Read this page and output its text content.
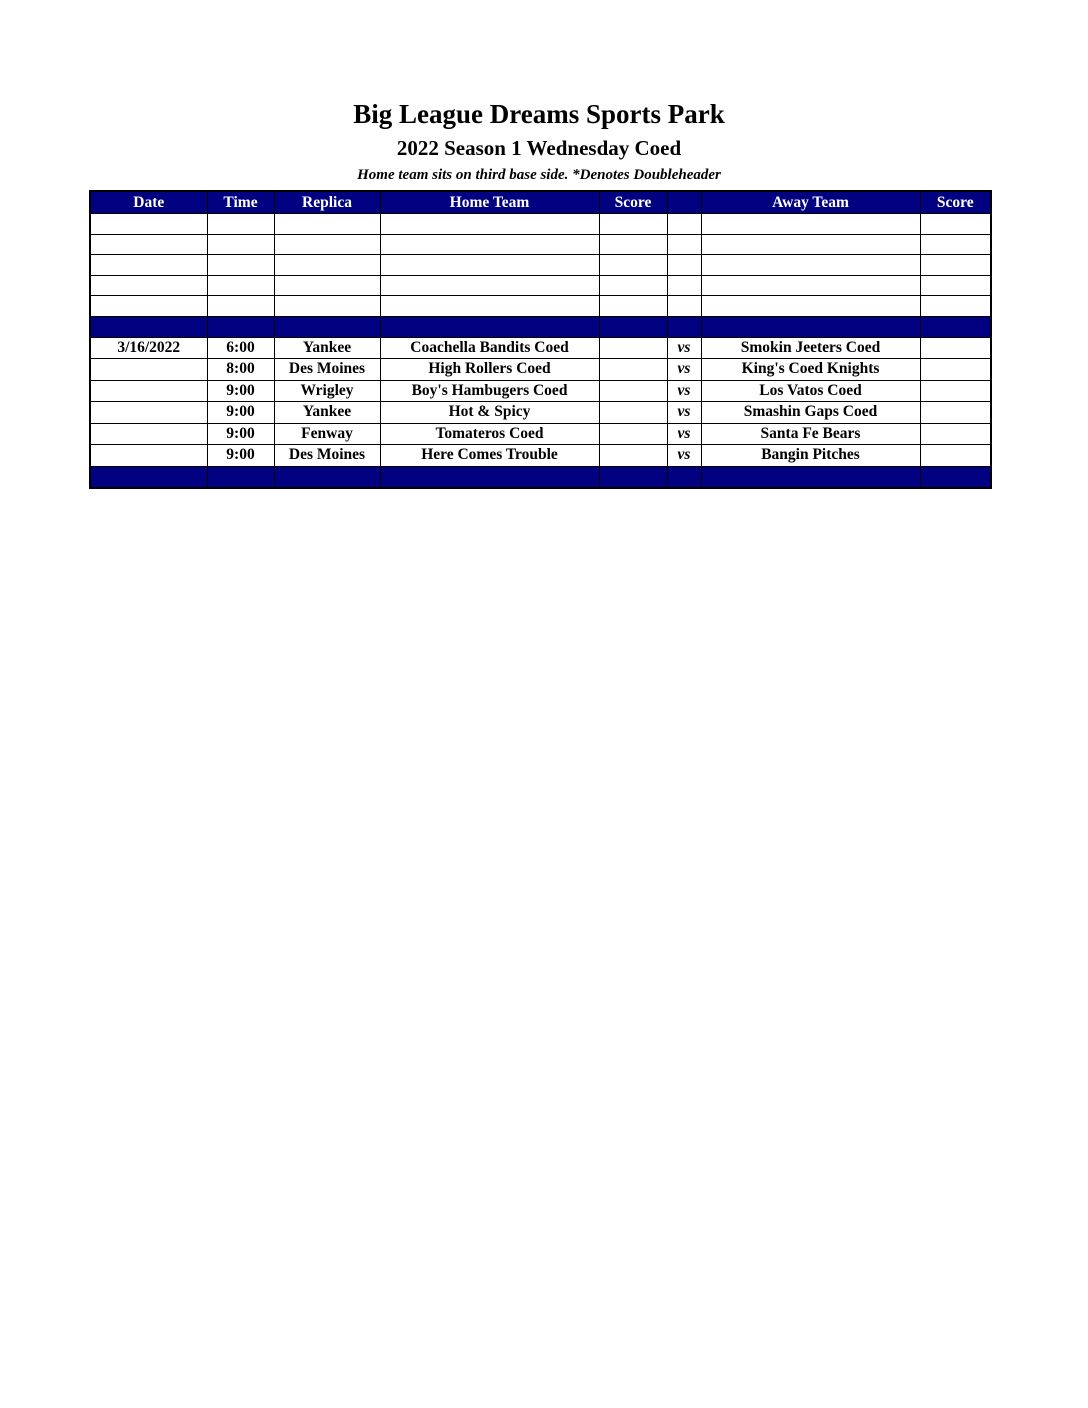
Big League Dreams Sports Park
2022 Season 1 Wednesday Coed
Home team sits on third base side. *Denotes Doubleheader
Date	Time	Replica	Home Team	Score		Away Team	Score

3/16/2022	6:00	Yankee	Coachella Bandits Coed		vs	Smokin Jeeters Coed	
	8:00	Des Moines	High Rollers Coed		vs	King's Coed Knights	
	9:00	Wrigley	Boy's Hambugers Coed		vs	Los Vatos Coed	
	9:00	Yankee	Hot & Spicy		vs	Smashin Gaps Coed	
	9:00	Fenway	Tomateros Coed		vs	Santa Fe Bears	
	9:00	Des Moines	Here Comes Trouble		vs	Bangin Pitches	
